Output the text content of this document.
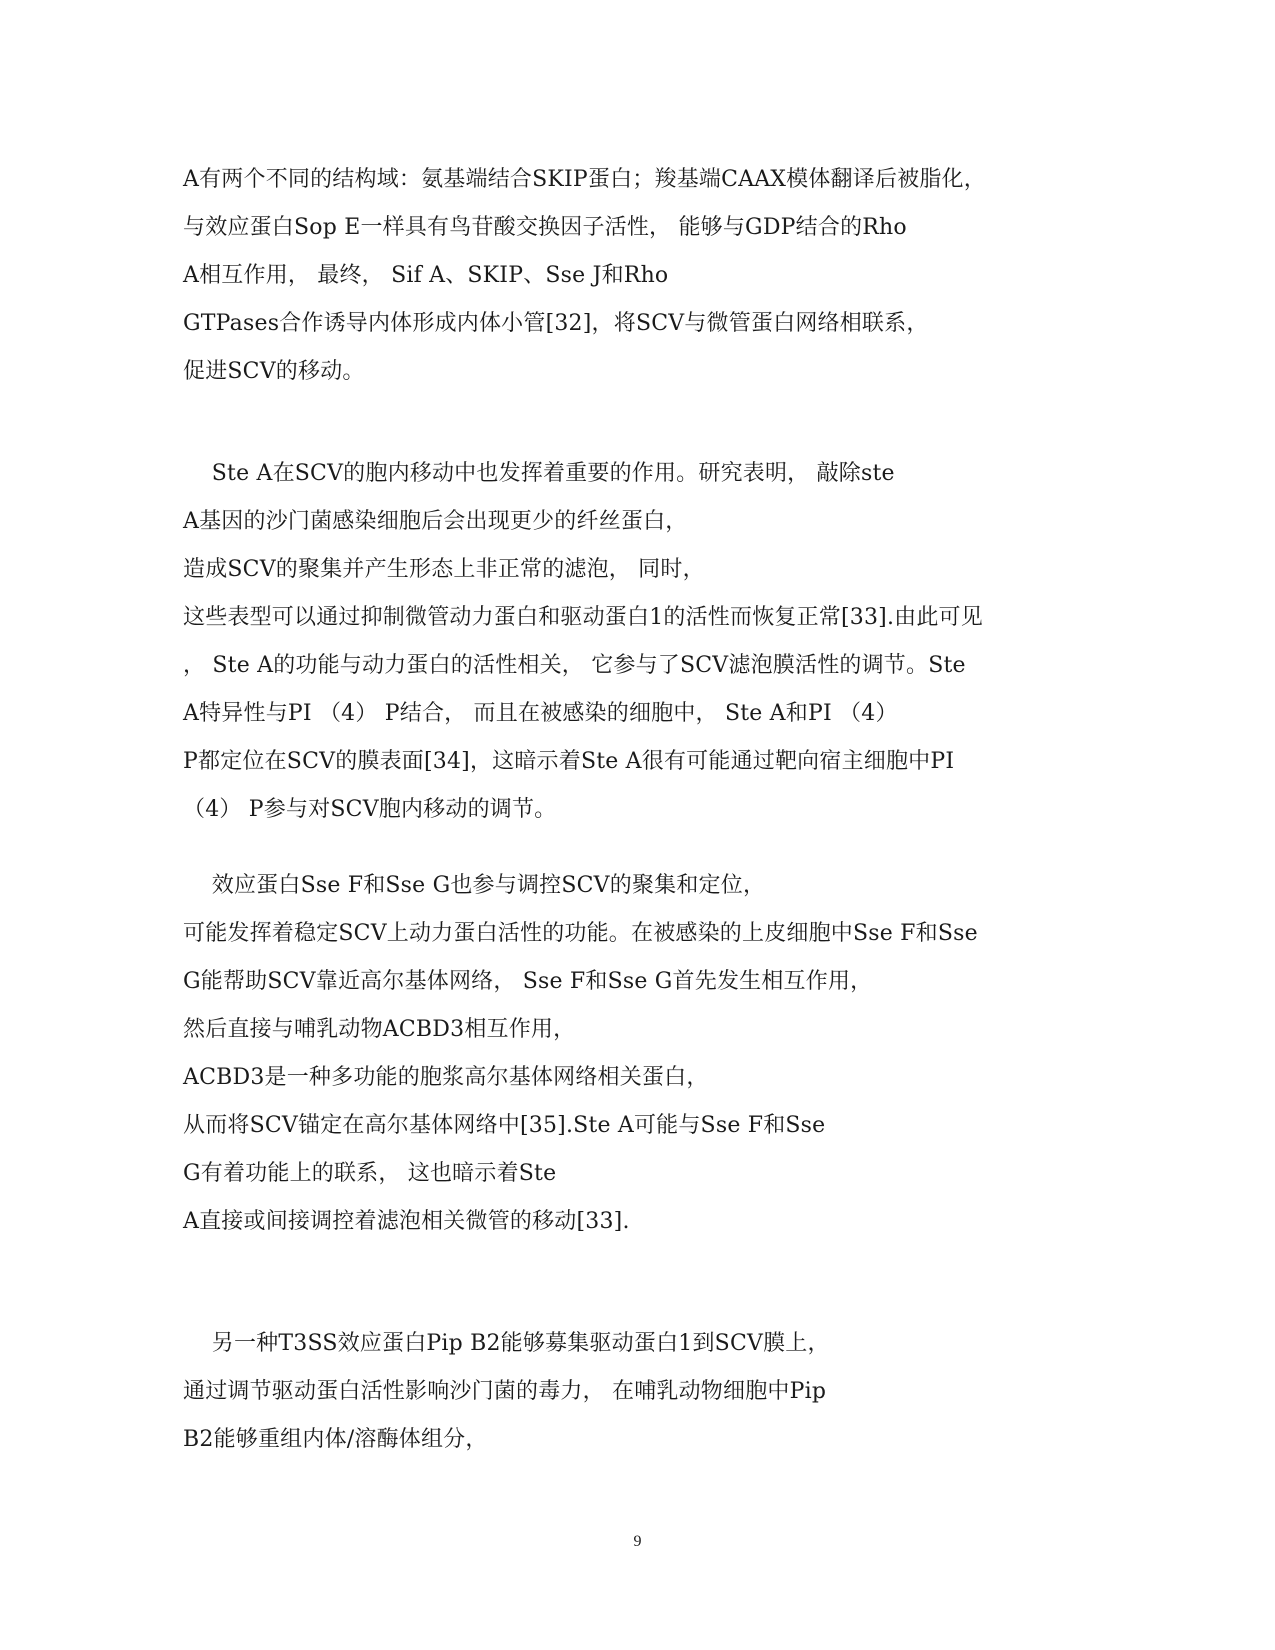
A有两个不同的结构域：氨基端结合SKIP蛋白；羧基端CAAX模体翻译后被脂化，
与效应蛋白Sop E一样具有鸟苷酸交换因子活性， 能够与GDP结合的Rho
A相互作用， 最终， Sif A、SKIP、Sse J和Rho
GTPases合作诱导内体形成内体小管[32]，将SCV与微管蛋白网络相联系，
促进SCV的移动。
Ste A在SCV的胞内移动中也发挥着重要的作用。研究表明， 敲除ste
A基因的沙门菌感染细胞后会出现更少的纤丝蛋白，
造成SCV的聚集并产生形态上非正常的滤泡， 同时，
这些表型可以通过抑制微管动力蛋白和驱动蛋白1的活性而恢复正常[33].由此可见
， Ste A的功能与动力蛋白的活性相关， 它参与了SCV滤泡膜活性的调节。Ste
A特异性与PI （4） P结合， 而且在被感染的细胞中， Ste A和PI （4）
P都定位在SCV的膜表面[34]，这暗示着Ste A很有可能通过靶向宿主细胞中PI
（4） P参与对SCV胞内移动的调节。
效应蛋白Sse F和Sse G也参与调控SCV的聚集和定位，
可能发挥着稳定SCV上动力蛋白活性的功能。在被感染的上皮细胞中Sse F和Sse
G能帮助SCV靠近高尔基体网络， Sse F和Sse G首先发生相互作用，
然后直接与哺乳动物ACBD3相互作用，
ACBD3是一种多功能的胞浆高尔基体网络相关蛋白，
从而将SCV锚定在高尔基体网络中[35].Ste A可能与Sse F和Sse
G有着功能上的联系， 这也暗示着Ste
A直接或间接调控着滤泡相关微管的移动[33].
另一种T3SS效应蛋白Pip B2能够募集驱动蛋白1到SCV膜上，
通过调节驱动蛋白活性影响沙门菌的毒力， 在哺乳动物细胞中Pip
B2能够重组内体/溶酶体组分，
9
